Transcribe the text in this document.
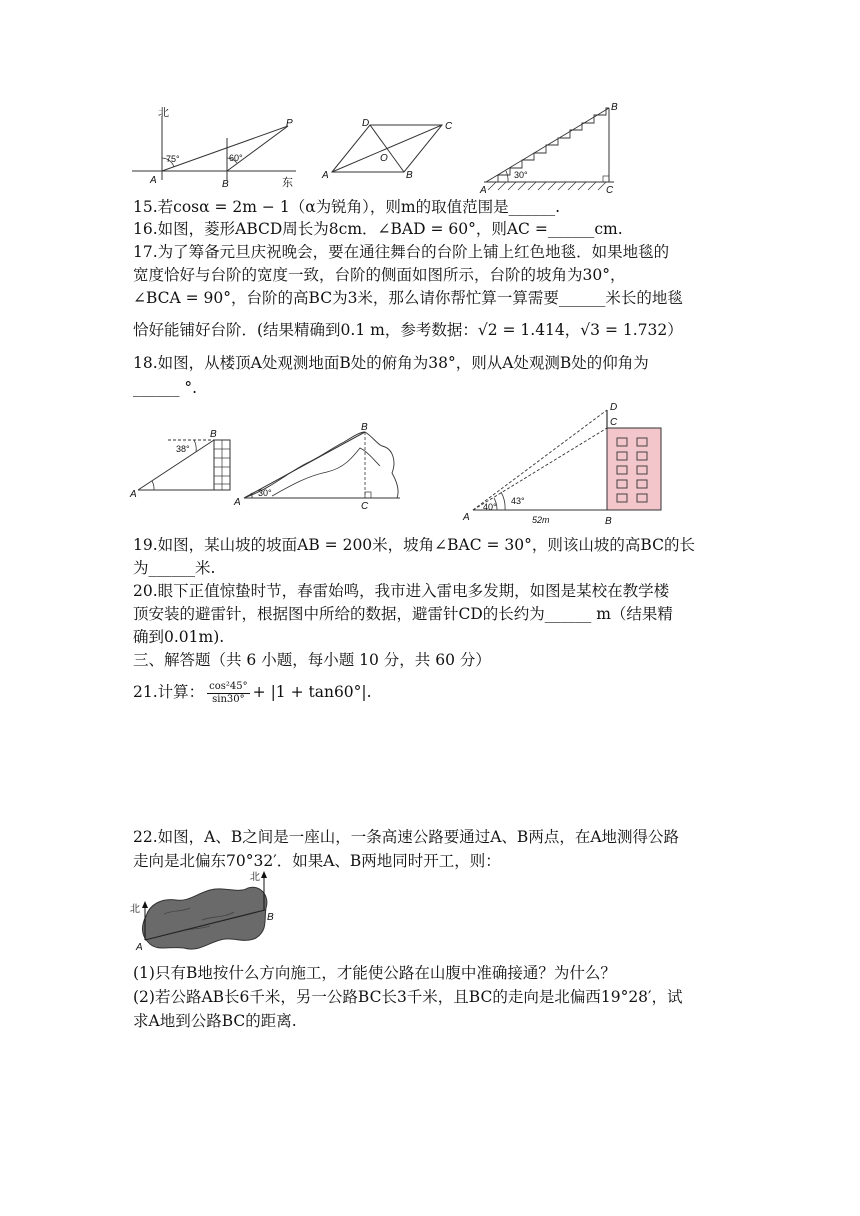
北
东
A	B
P
75°	60°
A	B
C
D
O
A
B
C
30°
15.若cosα = 2m − 1（α为锐角），则m的取值范围是______.
16.如图，菱形ABCD周长为8cm．∠BAD = 60°，则AC =______cm.
17.为了筹备元旦庆祝晚会，要在通往舞台的台阶上铺上红色地毯．如果地毯的
宽度恰好与台阶的宽度一致，台阶的侧面如图所示，台阶的坡角为30°，
∠BCA = 90°，台阶的高BC为3米，那么请你帮忙算一算需要______米长的地毯
恰好能铺好台阶．(结果精确到0.1 m，参考数据：√2 = 1.414，√3 = 1.732）
18.如图，从楼顶A处观测地面B处的俯角为38°，则从A处观测B处的仰角为
______ °.
A
B
38°
A
B
C
30°
A	B
C
D
40°
43°
52m
19.如图，某山坡的坡面AB = 200米，坡角∠BAC = 30°，则该山坡的高BC的长
为______米.
20.眼下正值惊蛰时节，春雷始鸣，我市进入雷电多发期，如图是某校在教学楼
顶安装的避雷针，根据图中所给的数据，避雷针CD的长约为______ m（结果精
确到0.01m).
三、解答题（共 6 小题，每小题 10 分，共 60 分）
21.计算： $\frac{\text{cos²45°}}{\sin 30^\circ} + |1 + \tan 60^\circ|$.
22.如图，A、B之间是一座山，一条高速公路要通过A、B两点，在A地测得公路
走向是北偏东70°32′．如果A、B两地同时开工，则：
北
北
A
B
(1)只有B地按什么方向施工，才能使公路在山腹中准确接通？为什么？
(2)若公路AB长6千米，另一公路BC长3千米，且BC的走向是北偏西19°28′，试
求A地到公路BC的距离.
